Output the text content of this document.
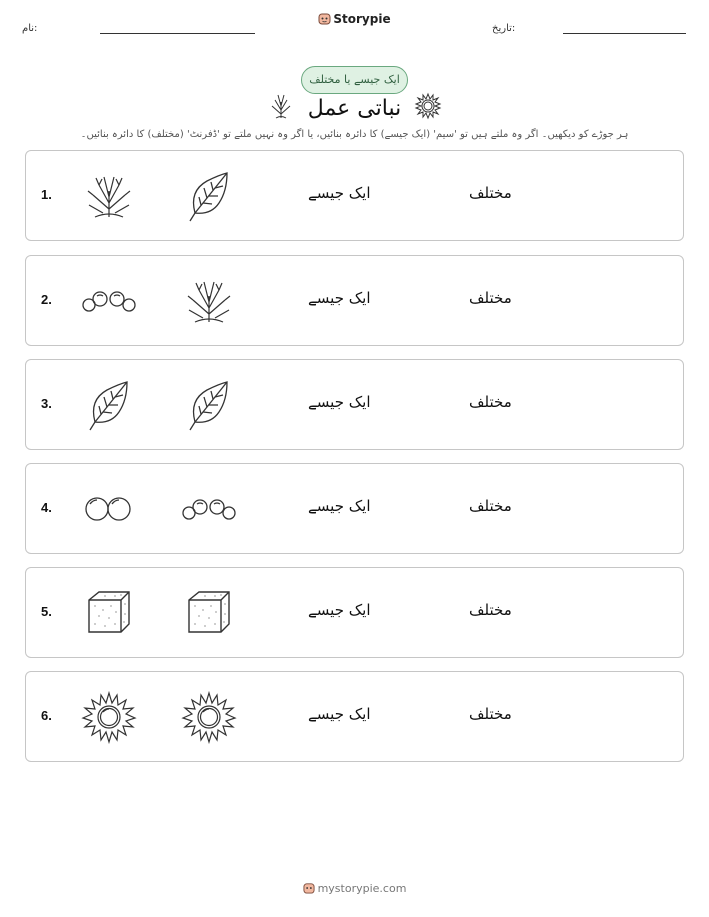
نام:	تاریخ:
Storypie
ایک جیسے یا مختلف
نباتی عمل
ہر جوڑے کو دیکھیں۔ اگر وہ ملتے ہیں تو 'سیم' (ایک جیسے) کا دائرہ بنائیں، یا اگر وہ نہیں ملتے تو 'ڈفرنٹ' (مختلف) کا دائرہ بنائیں۔
1.	ایک جیسے	مختلف
2.	ایک جیسے	مختلف
3.	ایک جیسے	مختلف
4.	ایک جیسے	مختلف
5.	ایک جیسے	مختلف
6.	ایک جیسے	مختلف
mystorypie.com
